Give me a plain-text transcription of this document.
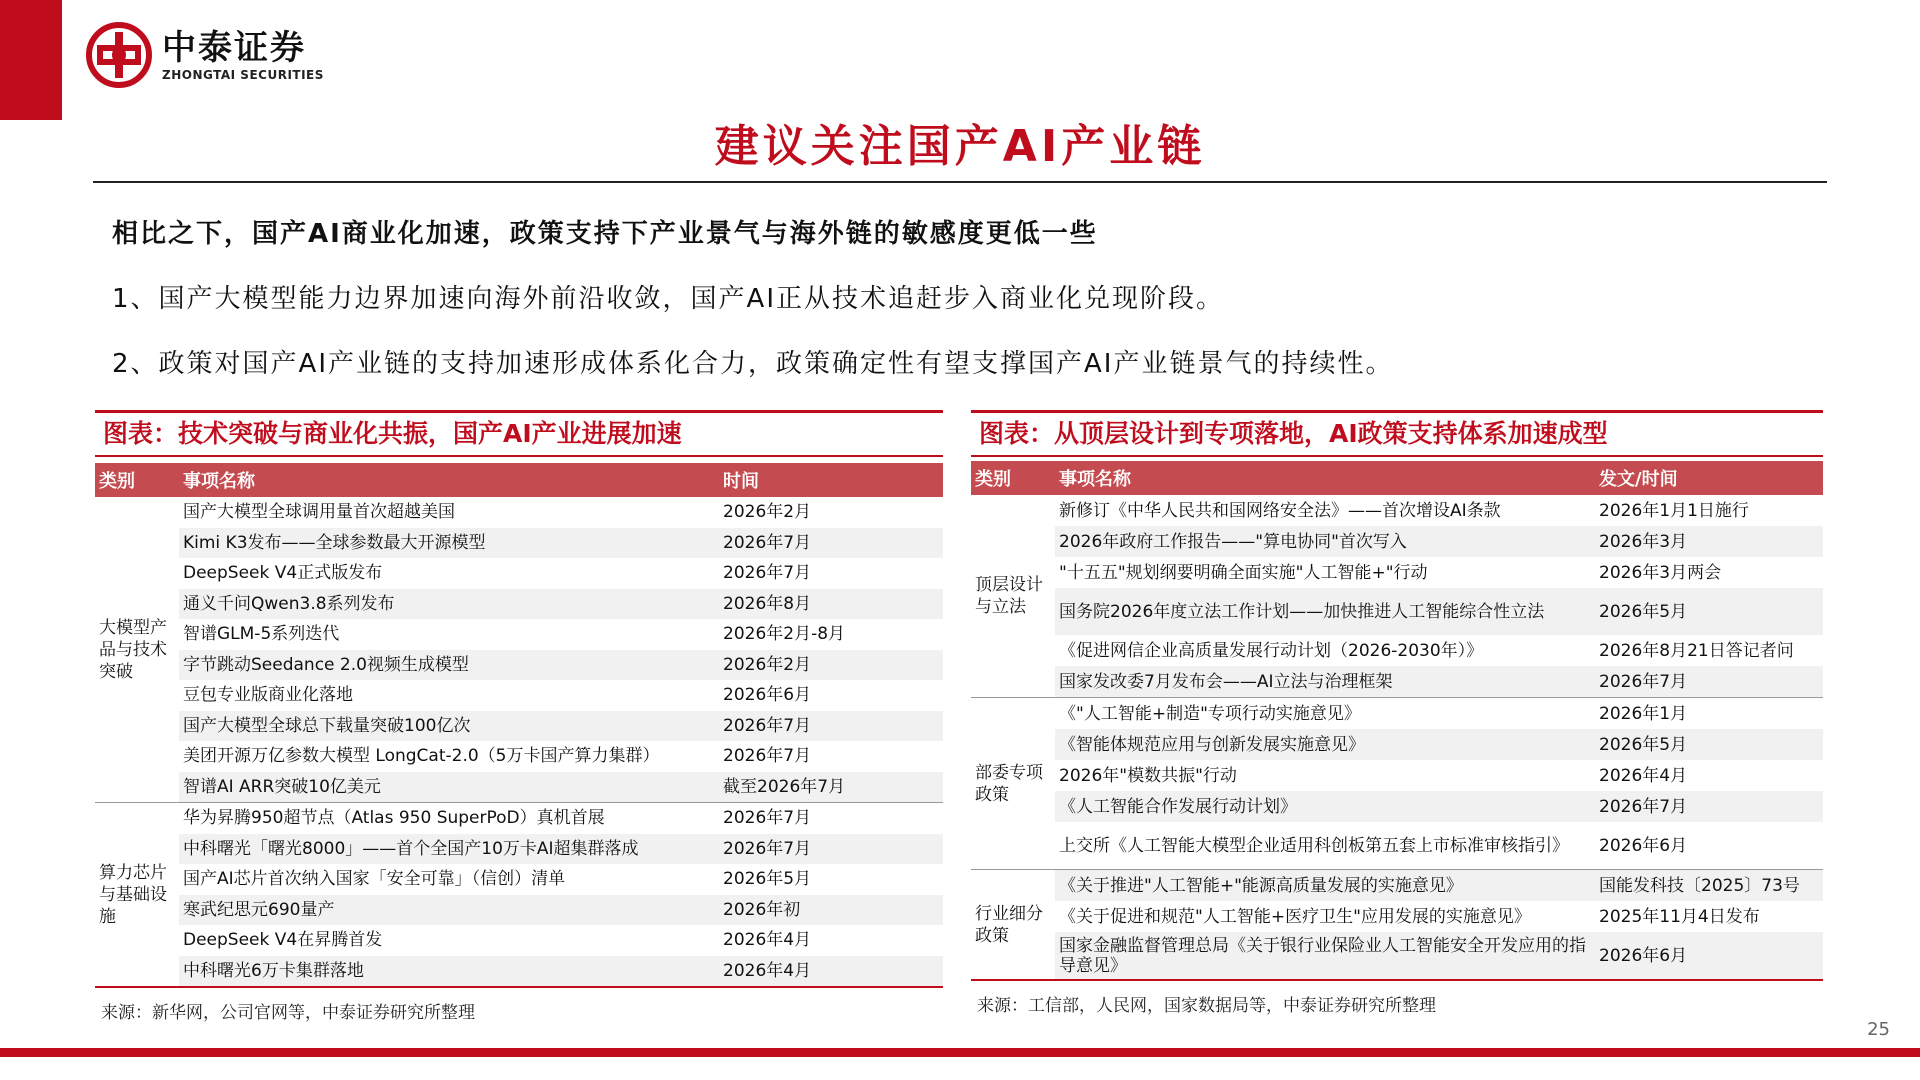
中泰证券
ZHONGTAI SECURITIES
建议关注国产AI产业链
相比之下，国产AI商业化加速，政策支持下产业景气与海外链的敏感度更低一些
1、国产大模型能力边界加速向海外前沿收敛，国产AI正从技术追赶步入商业化兑现阶段。
2、政策对国产AI产业链的支持加速形成体系化合力，政策确定性有望支撑国产AI产业链景气的持续性。
图表：技术突破与商业化共振，国产AI产业进展加速
类别	事项名称	时间
大模型产品与技术突破	国产大模型全球调用量首次超越美国	2026年2月
	Kimi K3发布——全球参数最大开源模型	2026年7月
	DeepSeek V4正式版发布	2026年7月
	通义千问Qwen3.8系列发布	2026年8月
	智谱GLM-5系列迭代	2026年2月-8月
	字节跳动Seedance 2.0视频生成模型	2026年2月
	豆包专业版商业化落地	2026年6月
	国产大模型全球总下载量突破100亿次	2026年7月
	美团开源万亿参数大模型 LongCat-2.0（5万卡国产算力集群）	2026年7月
	智谱AI ARR突破10亿美元	截至2026年7月
算力芯片与基础设施	华为昇腾950超节点（Atlas 950 SuperPoD）真机首展	2026年7月
	中科曙光「曙光8000」——首个全国产10万卡AI超集群落成	2026年7月
	国产AI芯片首次纳入国家「安全可靠」（信创）清单	2026年5月
	寒武纪思元690量产	2026年初
	DeepSeek V4在昇腾首发	2026年4月
	中科曙光6万卡集群落地	2026年4月
来源：新华网，公司官网等，中泰证券研究所整理
图表：从顶层设计到专项落地，AI政策支持体系加速成型
类别	事项名称	发文/时间
顶层设计与立法	新修订《中华人民共和国网络安全法》——首次增设AI条款	2026年1月1日施行
	2026年政府工作报告——"算电协同"首次写入	2026年3月
	"十五五"规划纲要明确全面实施"人工智能+"行动	2026年3月两会
	国务院2026年度立法工作计划——加快推进人工智能综合性立法	2026年5月
	《促进网信企业高质量发展行动计划（2026-2030年）》	2026年8月21日答记者问
	国家发改委7月发布会——AI立法与治理框架	2026年7月
部委专项政策	《"人工智能+制造"专项行动实施意见》	2026年1月
	《智能体规范应用与创新发展实施意见》	2026年5月
	2026年"模数共振"行动	2026年4月
	《人工智能合作发展行动计划》	2026年7月
	上交所《人工智能大模型企业适用科创板第五套上市标准审核指引》	2026年6月
行业细分政策	《关于推进"人工智能+"能源高质量发展的实施意见》	国能发科技〔2025〕73号
	《关于促进和规范"人工智能+医疗卫生"应用发展的实施意见》	2025年11月4日发布
	国家金融监督管理总局《关于银行业保险业人工智能安全开发应用的指导意见》	2026年6月
来源：工信部，人民网，国家数据局等，中泰证券研究所整理
25
